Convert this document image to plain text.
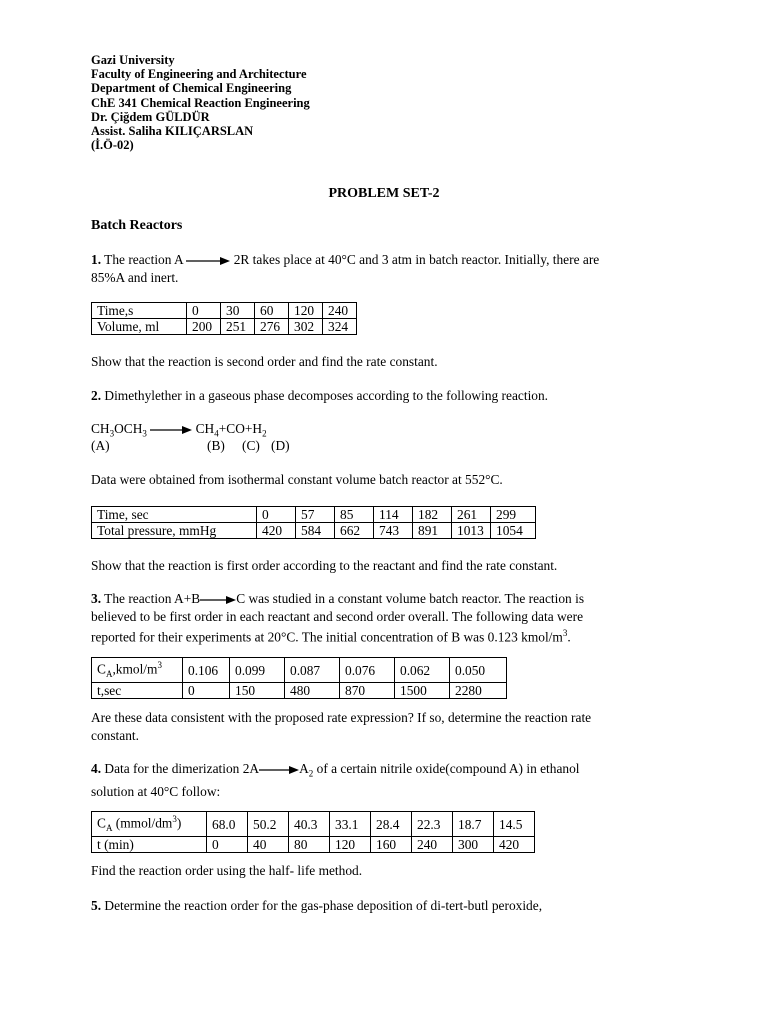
Gazi University
Faculty of Engineering and Architecture
Department of Chemical Engineering
ChE 341 Chemical Reaction Engineering
Dr. Çiğdem GÜLDÜR
Assist. Saliha KILIÇARSLAN
(İ.Ö-02)
PROBLEM SET-2
Batch Reactors
1. The reaction A → 2R takes place at 40°C and 3 atm in batch reactor. Initially, there are
85%A and inert.
Time,s	0	30	60	120	240
Volume, ml	200	251	276	302	324
Show that the reaction is second order and find the rate constant.
2. Dimethylether in a gaseous phase decomposes according to the following reaction.
$CH_3OCH_3 \to CH_4+CO+H_2$
(A)	(B) (C) (D)
Data were obtained from isothermal constant volume batch reactor at 552°C.
Time, sec	0	57	85	114	182	261	299
Total pressure, mmHg	420	584	662	743	891	1013	1054
Show that the reaction is first order according to the reactant and find the rate constant.
3. The reaction A+B→C was studied in a constant volume batch reactor. The reaction is
believed to be first order in each reactant and second order overall. The following data were
reported for their experiments at 20°C. The initial concentration of B was 0.123 kmol/$m^3$.
$C_A,kmol/m^3$	0.106	0.099	0.087	0.076	0.062	0.050
t,sec	0	150	480	870	1500	2280
Are these data consistent with the proposed rate expression? If so, determine the reaction rate
constant.
4. Data for the dimerization $2A\to A_2$ of a certain nitrile oxide(compound A) in ethanol
solution at 40°C follow:
$C_A$ $(mmol/dm^3)$	68.0	50.2	40.3	33.1	28.4	22.3	18.7	14.5
t (min)	0	40	80	120	160	240	300	420
Find the reaction order using the half- life method.
5. Determine the reaction order for the gas-phase deposition of di-tert-butl peroxide,
